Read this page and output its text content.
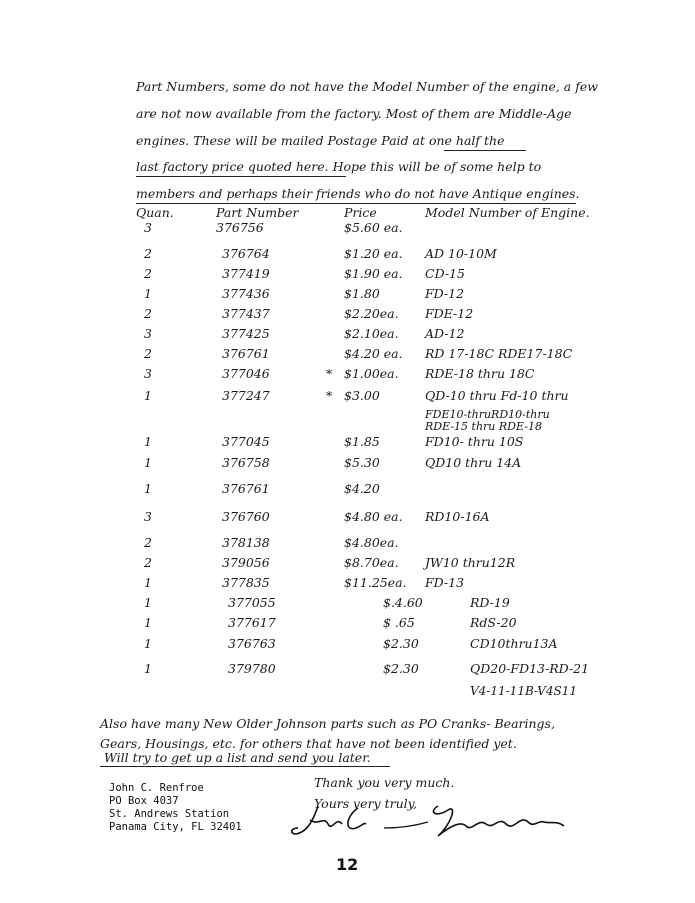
Part Numbers, some do not have the Model Number of the engine, a few
are not now available from the factory. Most of them are Middle-Age
engines. These will be mailed Postage Paid at one half the
last factory price quoted here. Hope this will be of some help to
members and perhaps their friends who do not have Antique engines.
Quan.	Part Number	Price	Model Number of Engine.
3	376756	$5.60 ea.
2	376764	$1.20 ea. AD 10-10M
2	377419	$1.90 ea. CD-15
1	377436	$1.80	FD-12
2	377437	$2.20ea. FDE-12
3	377425	$2.10ea. AD-12
2	376761	$4.20 ea. RD 17-18C RDE17-18C
3	377046	* $1.00ea. RDE-18 thru 18C
1	377247	* $3.00	QD-10 thru Fd-10 thru
FDE10-thruRD10-thru
RDE-15 thru RDE-18
1	377045	$1.85	FD10- thru 10S
1	376758	$5.30	QD10 thru 14A
1	376761	$4.20
3	376760	$4.80 ea. RD10-16A
2	378138	$4.80ea.
2	379056	$8.70ea. JW10 thru12R
1	377835	$11.25ea. FD-13
1	377055	$.4.60	RD-19
1	377617	$ .65	RdS-20
1	376763	$2.30	CD10thru13A
1	379780	$2.30	QD20-FD13-RD-21
V4-11-11B-V4S11
Also have many New Older Johnson parts such as PO Cranks- Bearings,
Gears, Housings, etc. for others that have not been identified yet.
Will try to get up a list and send you later.
John C. Renfroe
PO Box 4037
St. Andrews Station
Panama City, FL 32401
Thank you very much.
Yours very truly,
12
